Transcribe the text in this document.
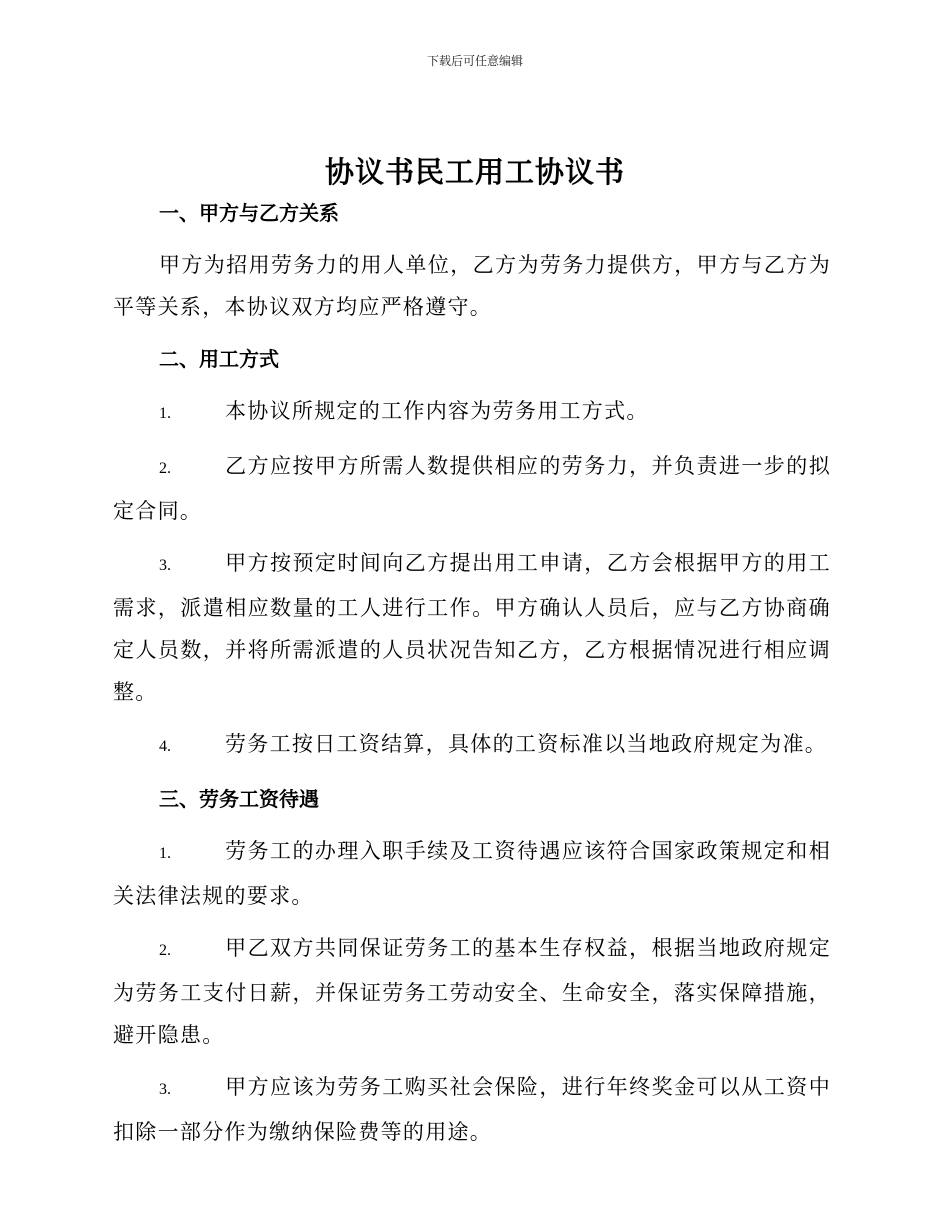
下载后可任意编辑
协议书民工用工协议书
一、甲方与乙方关系
甲方为招用劳务力的用人单位，乙方为劳务力提供方，甲方与乙方为平等关系，本协议双方均应严格遵守。
二、用工方式
1.	本协议所规定的工作内容为劳务用工方式。
2.	乙方应按甲方所需人数提供相应的劳务力，并负责进一步的拟定合同。
3.	甲方按预定时间向乙方提出用工申请，乙方会根据甲方的用工需求，派遣相应数量的工人进行工作。甲方确认人员后，应与乙方协商确定人员数，并将所需派遣的人员状况告知乙方，乙方根据情况进行相应调整。
4.	劳务工按日工资结算，具体的工资标准以当地政府规定为准。
三、劳务工资待遇
1.	劳务工的办理入职手续及工资待遇应该符合国家政策规定和相关法律法规的要求。
2.	甲乙双方共同保证劳务工的基本生存权益，根据当地政府规定为劳务工支付日薪，并保证劳务工劳动安全、生命安全，落实保障措施，避开隐患。
3.	甲方应该为劳务工购买社会保险，进行年终奖金可以从工资中扣除一部分作为缴纳保险费等的用途。
